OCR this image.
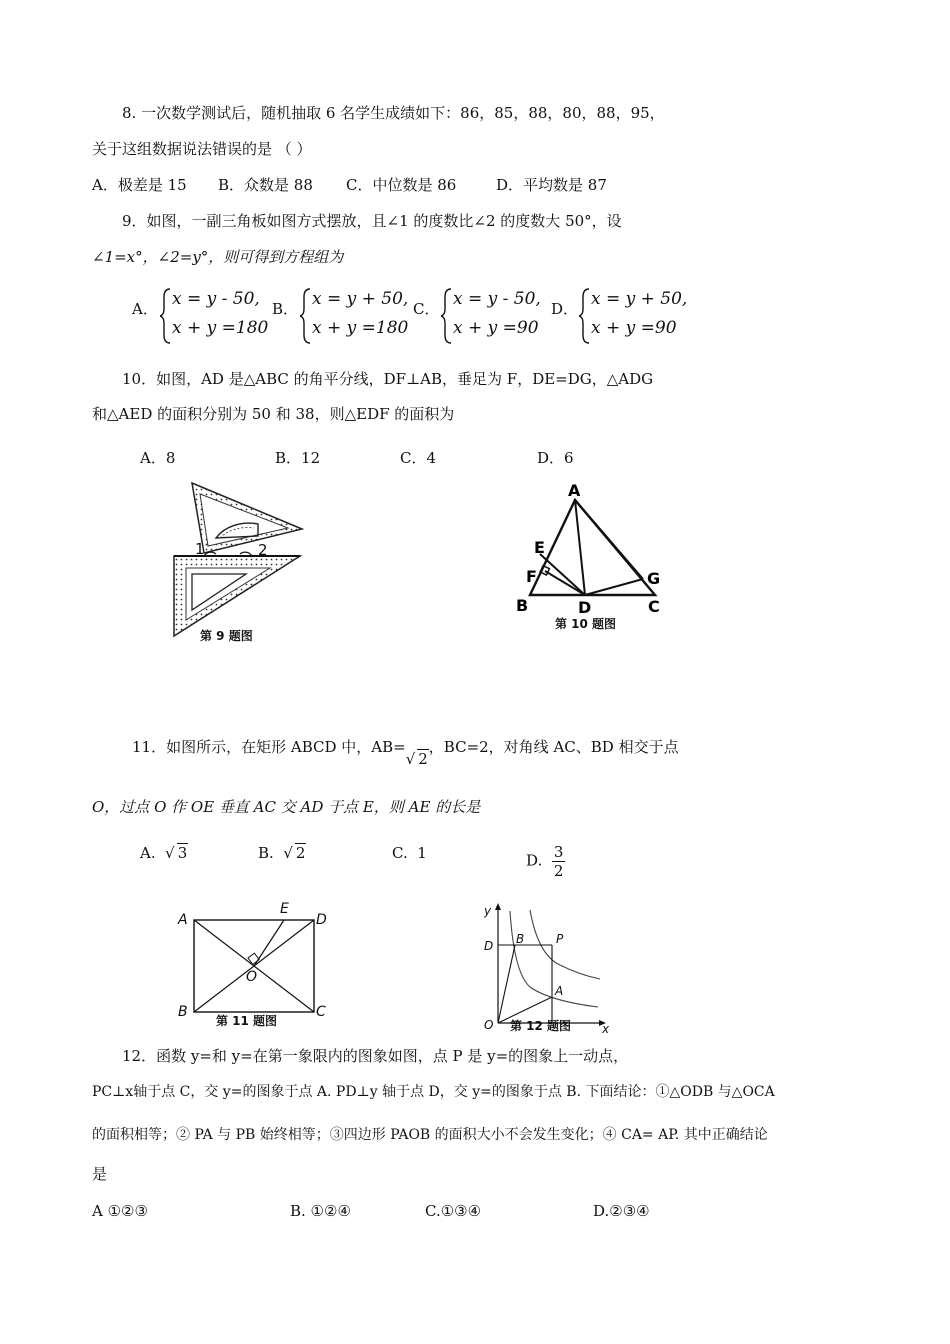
8. 一次数学测试后，随机抽取 6 名学生成绩如下：86，85，88，80，88，95，
关于这组数据说法错误的是 （ ）
A．极差是 15 B．众数是 88 C．中位数是 86	D．平均数是 87
9．如图，一副三角板如图方式摆放，且∠1 的度数比∠2 的度数大 50°，设
∠1=x°，∠2=y°，则可得到方程组为
A． x = y - 50,
x + y =180
B． x = y + 50,
x + y =180
C． x = y - 50,
x + y =90
D． x = y + 50,
x + y =90
10．如图，AD 是△ABC 的角平分线，DF⊥AB，垂足为 F，DE=DG，△ADG
和△AED 的面积分别为 50 和 38，则△EDF 的面积为
A．8	B．12	C．4	D．6
1	2
第 9 题图
A
E
F
B	D	C
G
第 10 题图
11．如图所示，在矩形 ABCD 中，AB=√ 2，BC=2，对角线 AC、BD 相交于点
O，过点 O 作 OE 垂直 AC 交 AD 于点 E，则 AE 的长是
A. √ 3	B. √ 2	C. 1	D. $\frac{3}{2}$
A
E
D
O
B	C
第 11 题图
y
D B	P
A
O	x
第 12 题图
12．函数 y=和 y=在第一象限内的图象如图，点 P 是 y=的图象上一动点，
PC⊥x轴于点 C，交 y=的图象于点 A. PD⊥y 轴于点 D，交 y=的图象于点 B. 下面结论：①△ODB 与△OCA
的面积相等；② PA 与 PB 始终相等；③四边形 PAOB 的面积大小不会发生变化；④ CA= AP. 其中正确结论
是
A ①②③	B. ①②④	C.①③④	D.②③④
